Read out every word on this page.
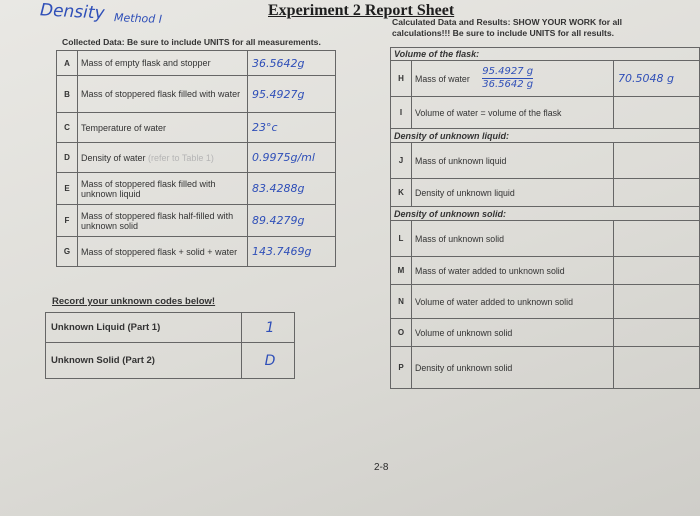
Density Method I	Experiment 2 Report Sheet
Collected Data: Be sure to include UNITS for all measurements.
Calculated Data and Results: SHOW YOUR WORK for all
calculations!!! Be sure to include UNITS for all results.
A	Mass of empty flask and stopper	36.5642g
B	Mass of stoppered flask filled with water	95.4927g
C	Temperature of water	23°c
D	Density of water (refer to Table 1)	0.9975g/ml
E	Mass of stoppered flask filled with unknown liquid	83.4288g
F	Mass of stoppered flask half-filled with unknown solid	89.4279g
G	Mass of stoppered flask + solid + water	143.7469g
Record your unknown codes below!
Unknown Liquid (Part 1)	1
Unknown Solid (Part 2)	D
Volume of the flask:		
H	Mass of water $\frac{95.4927 g}{36.5642 g}$	70.5048 g
I	Volume of water = volume of the flask	
Density of unknown liquid:		
J	Mass of unknown liquid	
K	Density of unknown liquid	
Density of unknown solid:		
L	Mass of unknown solid	
M	Mass of water added to unknown solid	
N	Volume of water added to unknown solid	
O	Volume of unknown solid	
P	Density of unknown solid	
2-8
